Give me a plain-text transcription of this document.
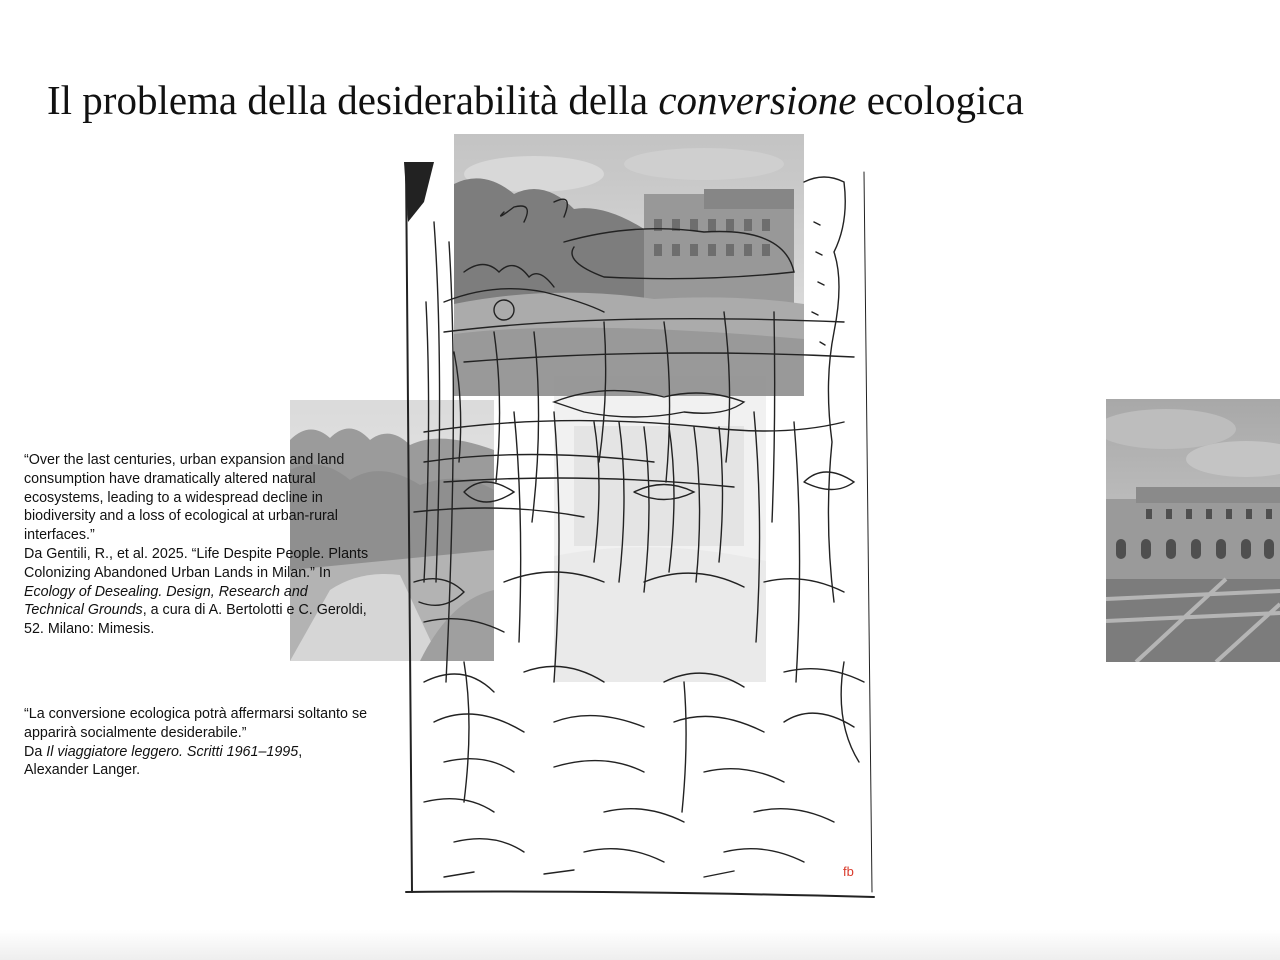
Il problema della desiderabilità della conversione ecologica
fb

“Over the last centuries, urban expansion and land consumption have dramatically altered natural ecosystems, leading to a widespread decline in biodiversity and a loss of ecological at urban-rural interfaces.”

Da Gentili, R., et al. 2025. “Life Despite People. Plants Colonizing Abandoned Urban Lands in Milan.” In Ecology of Desealing. Design, Research and Technical Grounds, a cura di A. Bertolotti e C. Geroldi, 52. Milano: Mimesis.

“La conversione ecologica potrà affermarsi soltanto se apparirà socialmente desiderabile.”

Da Il viaggiatore leggero. Scritti 1961–1995,

Alexander Langer.
